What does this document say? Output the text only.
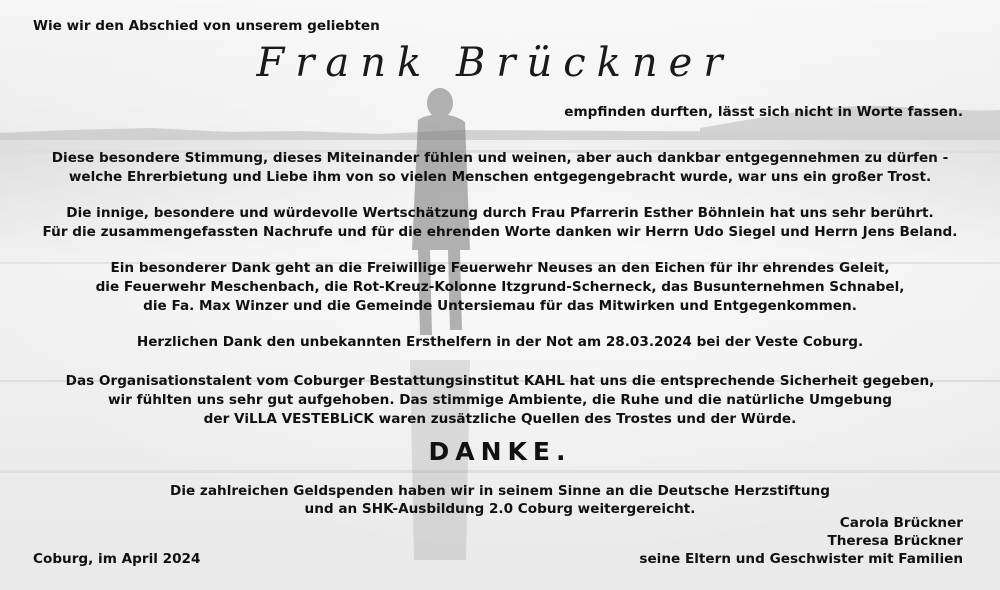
Wie wir den Abschied von unserem geliebten
Frank Brückner
empfinden durften, lässt sich nicht in Worte fassen.
Diese besondere Stimmung, dieses Miteinander fühlen und weinen, aber auch dankbar entgegennehmen zu dürfen -
welche Ehrerbietung und Liebe ihm von so vielen Menschen entgegengebracht wurde, war uns ein großer Trost.
Die innige, besondere und würdevolle Wertschätzung durch Frau Pfarrerin Esther Böhnlein hat uns sehr berührt.
Für die zusammengefassten Nachrufe und für die ehrenden Worte danken wir Herrn Udo Siegel und Herrn Jens Beland.
Ein besonderer Dank geht an die Freiwillige Feuerwehr Neuses an den Eichen für ihr ehrendes Geleit,
die Feuerwehr Meschenbach, die Rot-Kreuz-Kolonne Itzgrund-Scherneck, das Busunternehmen Schnabel,
die Fa. Max Winzer und die Gemeinde Untersiemau für das Mitwirken und Entgegenkommen.
Herzlichen Dank den unbekannten Ersthelfern in der Not am 28.03.2024 bei der Veste Coburg.
Das Organisationstalent vom Coburger Bestattungsinstitut KAHL hat uns die entsprechende Sicherheit gegeben,
wir fühlten uns sehr gut aufgehoben. Das stimmige Ambiente, die Ruhe und die natürliche Umgebung
der ViLLA VESTEBLiCK waren zusätzliche Quellen des Trostes und der Würde.
DANKE.
Die zahlreichen Geldspenden haben wir in seinem Sinne an die Deutsche Herzstiftung
und an SHK-Ausbildung 2.0 Coburg weitergereicht.
Carola Brückner
Theresa Brückner
seine Eltern und Geschwister mit Familien
Coburg, im April 2024
